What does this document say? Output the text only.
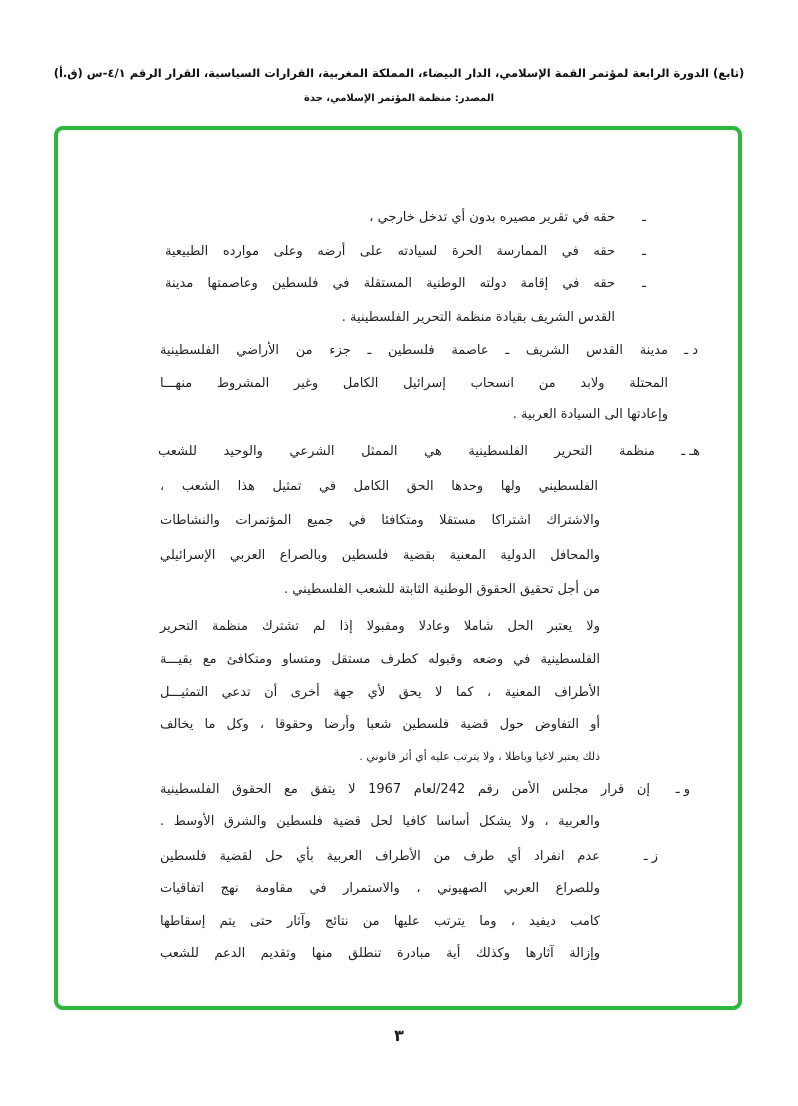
(تابع) الدورة الرابعة لمؤتمر القمة الإسلامي، الدار البيضاء، المملكة المغربية، القرارات السياسية، القرار الرقم ٤/١-س (ق.أ)
المصدر: منظمة المؤتمر الإسلامي، جدة
ـ
ـ
ـ
د ـ
هـ ـ
و ـ
ز ـ
حقه في تقرير مصيره بدون أي تدخل خارجي ،
حقه في الممارسة الحرة لسيادته على أرضه وعلى موارده الطبيعية
حقه في إقامة دولته الوطنية المستقلة في فلسطين وعاصمتها مدينة
القدس الشريف بقيادة منظمة التحرير الفلسطينية .
مدينة القدس الشريف ـ عاصمة فلسطين ـ جزء من الأراضي الفلسطينية
المحتلة ولابد من انسحاب إسرائيل الكامل وغير المشروط منهـــا
وإعادتها الى السيادة العربية .
منظمة التحرير الفلسطينية هي الممثل الشرعي والوحيد للشعب
الفلسطيني ولها وحدها الحق الكامل في تمثيل هذا الشعب ،
والاشتراك اشتراكا مستقلا ومتكافئا في جميع المؤتمرات والنشاطات
والمحافل الدولية المعنية بقضية فلسطين وبالصراع العربي الإسرائيلي
من أجل تحقيق الحقوق الوطنية الثابتة للشعب الفلسطيني .
ولا يعتبر الحل شاملا وعادلا ومقبولا إذا لم تشترك منظمة التحرير
الفلسطينية في وضعه وقبوله كطرف مستقل ومتساو ومتكافئ مع بقيـــة
الأطراف المعنية ، كما لا يحق لأي جهة أخرى أن تدعي التمثيـــل
أو التفاوض حول قضية فلسطين شعبا وأرضا وحقوقا ، وكل ما يخالف
ذلك يعتبر لاغيا وباطلا ، ولا يترتب عليه أي أثر قانوني .
إن قرار مجلس الأمن رقم 242/لعام 1967 لا يتفق مع الحقوق الفلسطينية
والعربية ، ولا يشكل أساسا كافيا لحل قضية فلسطين والشرق الأوسط .
عدم انفراد أي طرف من الأطراف العربية بأي حل لقضية فلسطين
وللصراع العربي الصهيوني ، والاستمرار في مقاومة نهج اتفاقيات
كامب ديفيد ، وما يترتب عليها من نتائج وآثار حتى يتم إسقاطها
وإزالة آثارها وكذلك أية مبادرة تنطلق منها وتقديم الدعم للشعب
٣
